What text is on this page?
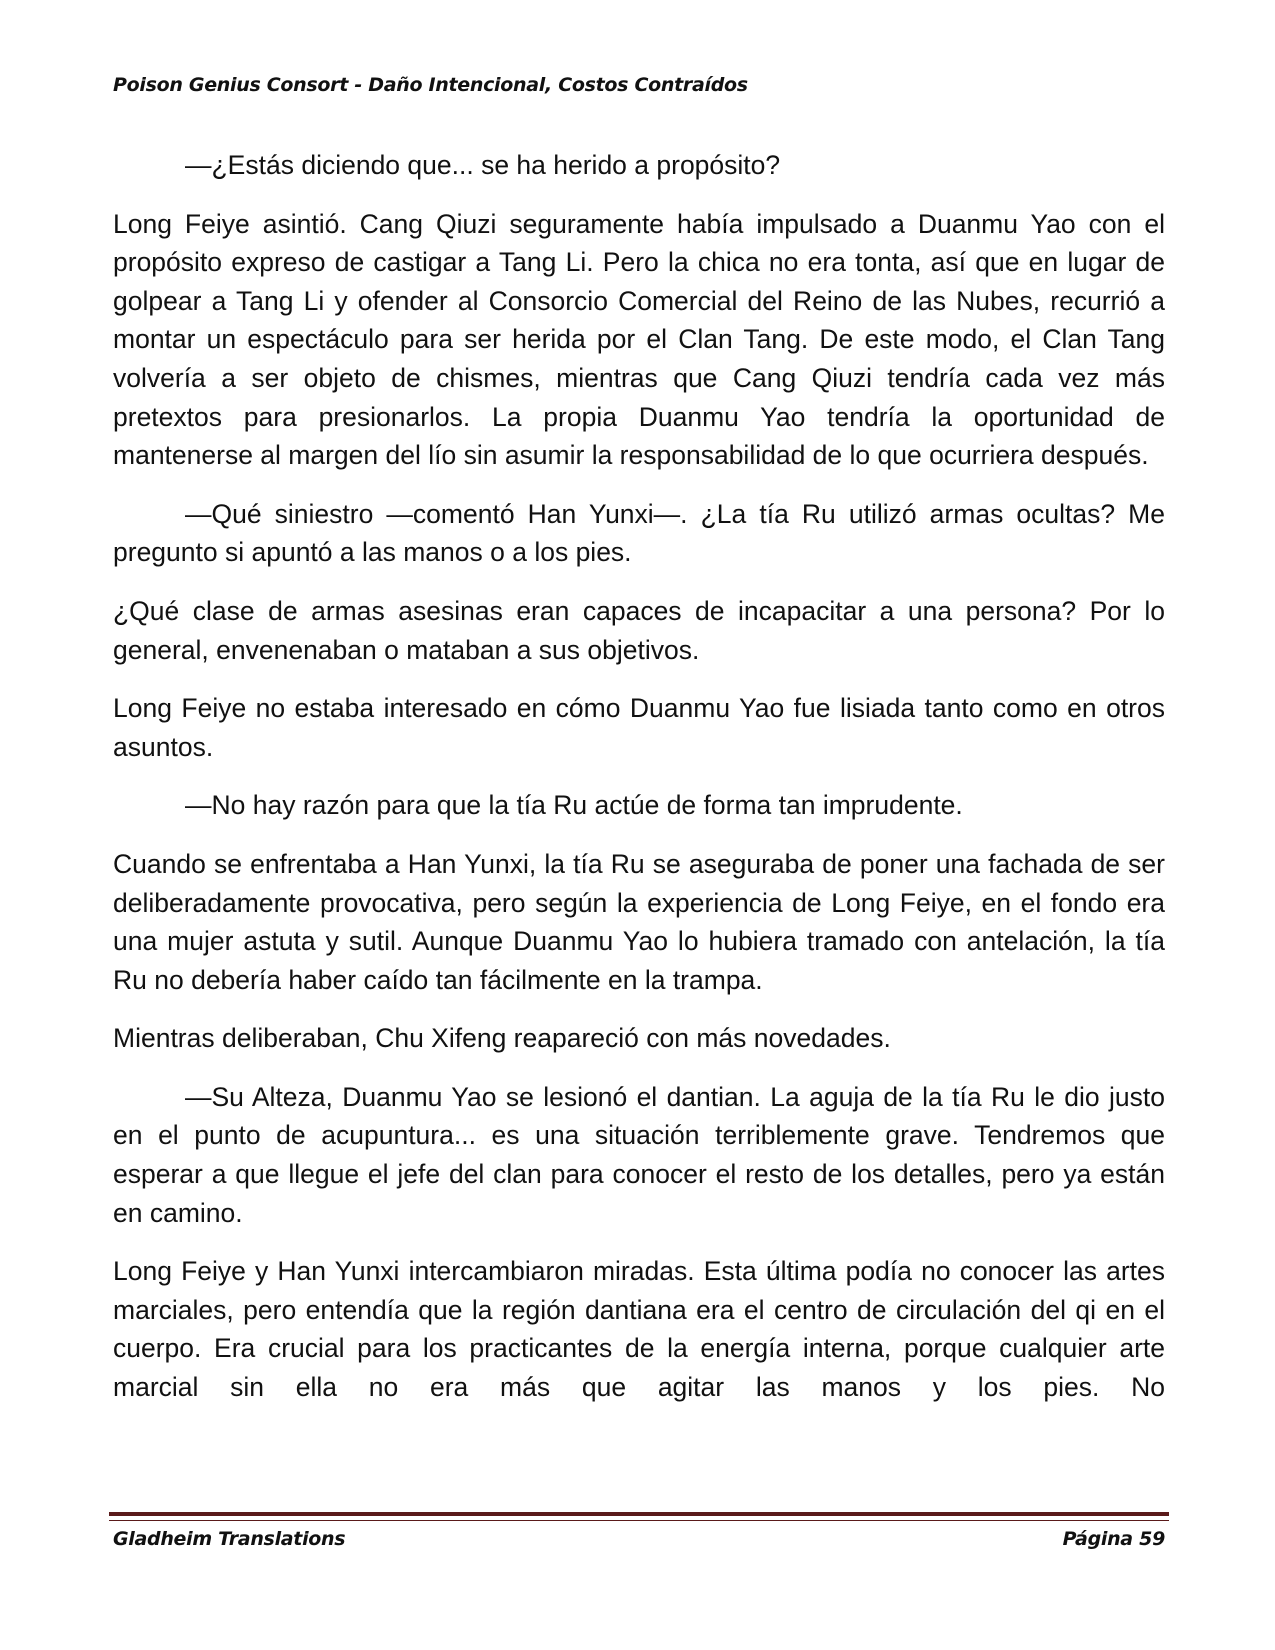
Poison Genius Consort - Daño Intencional, Costos Contraídos

—¿Estás diciendo que... se ha herido a propósito?

Long Feiye asintió. Cang Qiuzi seguramente había impulsado a Duanmu Yao con el propósito expreso de castigar a Tang Li. Pero la chica no era tonta, así que en lugar de golpear a Tang Li y ofender al Consorcio Comercial del Reino de las Nubes, recurrió a montar un espectáculo para ser herida por el Clan Tang. De este modo, el Clan Tang volvería a ser objeto de chismes, mientras que Cang Qiuzi tendría cada vez más pretextos para presionarlos. La propia Duanmu Yao tendría la oportunidad de mantenerse al margen del lío sin asumir la responsabilidad de lo que ocurriera después.

—Qué siniestro —comentó Han Yunxi—. ¿La tía Ru utilizó armas ocultas? Me pregunto si apuntó a las manos o a los pies.

¿Qué clase de armas asesinas eran capaces de incapacitar a una persona? Por lo general, envenenaban o mataban a sus objetivos.

Long Feiye no estaba interesado en cómo Duanmu Yao fue lisiada tanto como en otros asuntos.

—No hay razón para que la tía Ru actúe de forma tan imprudente.

Cuando se enfrentaba a Han Yunxi, la tía Ru se aseguraba de poner una fachada de ser deliberadamente provocativa, pero según la experiencia de Long Feiye, en el fondo era una mujer astuta y sutil. Aunque Duanmu Yao lo hubiera tramado con antelación, la tía Ru no debería haber caído tan fácilmente en la trampa.

Mientras deliberaban, Chu Xifeng reapareció con más novedades.

—Su Alteza, Duanmu Yao se lesionó el dantian. La aguja de la tía Ru le dio justo en el punto de acupuntura... es una situación terriblemente grave. Tendremos que esperar a que llegue el jefe del clan para conocer el resto de los detalles, pero ya están en camino.

Long Feiye y Han Yunxi intercambiaron miradas. Esta última podía no conocer las artes marciales, pero entendía que la región dantiana era el centro de circulación del qi en el cuerpo. Era crucial para los practicantes de la energía interna, porque cualquier arte marcial sin ella no era más que agitar las manos y los pies. No

Gladheim Translations	Página 59
